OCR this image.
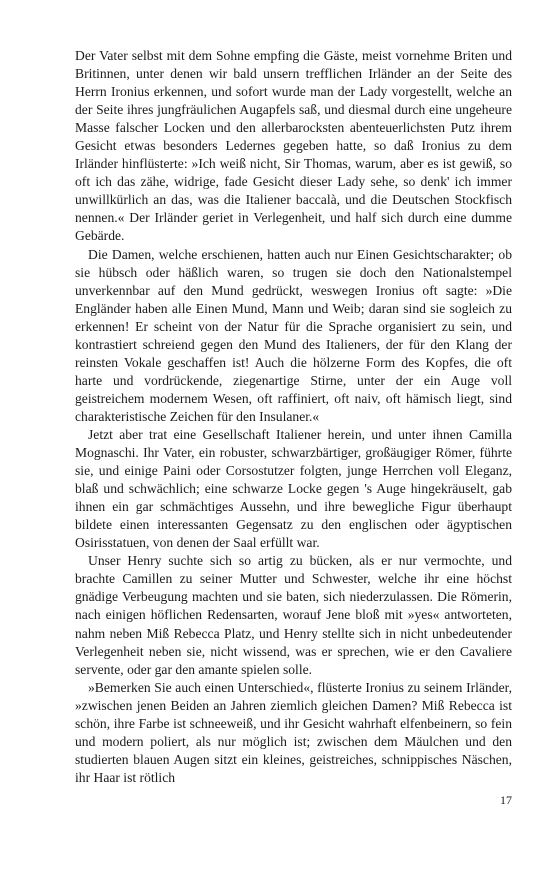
Der Vater selbst mit dem Sohne empfing die Gäste, meist vornehme Briten und Britinnen, unter denen wir bald unsern trefflichen Irländer an der Seite des Herrn Ironius erkennen, und sofort wurde man der Lady vorgestellt, welche an der Seite ihres jungfräulichen Augapfels saß, und diesmal durch eine ungeheure Masse falscher Locken und den allerbarocksten abenteuerlichsten Putz ihrem Gesicht etwas besonders Ledernes gegeben hatte, so daß Ironius zu dem Irländer hinflüsterte: »Ich weiß nicht, Sir Thomas, warum, aber es ist gewiß, so oft ich das zähe, widrige, fade Gesicht dieser Lady sehe, so denk' ich immer unwillkürlich an das, was die Italiener baccalà, und die Deutschen Stockfisch nennen.« Der Irländer geriet in Verlegenheit, und half sich durch eine dumme Gebärde.

Die Damen, welche erschienen, hatten auch nur Einen Gesichtscharakter; ob sie hübsch oder häßlich waren, so trugen sie doch den Nationalstempel unverkennbar auf den Mund gedrückt, weswegen Ironius oft sagte: »Die Engländer haben alle Einen Mund, Mann und Weib; daran sind sie sogleich zu erkennen! Er scheint von der Natur für die Sprache organisiert zu sein, und kontrastiert schreiend gegen den Mund des Italieners, der für den Klang der reinsten Vokale geschaffen ist! Auch die hölzerne Form des Kopfes, die oft harte und vordrückende, ziegenartige Stirne, unter der ein Auge voll geistreichem modernem Wesen, oft raffiniert, oft naiv, oft hämisch liegt, sind charakteristische Zeichen für den Insulaner.«

Jetzt aber trat eine Gesellschaft Italiener herein, und unter ihnen Camilla Mognaschi. Ihr Vater, ein robuster, schwarzbärtiger, großäugiger Römer, führte sie, und einige Paini oder Corsostutzer folgten, junge Herrchen voll Eleganz, blaß und schwächlich; eine schwarze Locke gegen 's Auge hingekräuselt, gab ihnen ein gar schmächtiges Aussehn, und ihre bewegliche Figur überhaupt bildete einen interessanten Gegensatz zu den englischen oder ägyptischen Osirisstatuen, von denen der Saal erfüllt war.

Unser Henry suchte sich so artig zu bücken, als er nur vermochte, und brachte Camillen zu seiner Mutter und Schwester, welche ihr eine höchst gnädige Verbeugung machten und sie baten, sich niederzulassen. Die Römerin, nach einigen höflichen Redensarten, worauf Jene bloß mit »yes« antworteten, nahm neben Miß Rebecca Platz, und Henry stellte sich in nicht unbedeutender Verlegenheit neben sie, nicht wissend, was er sprechen, wie er den Cavaliere servente, oder gar den amante spielen solle.

»Bemerken Sie auch einen Unterschied«, flüsterte Ironius zu seinem Irländer, »zwischen jenen Beiden an Jahren ziemlich gleichen Damen? Miß Rebecca ist schön, ihre Farbe ist schneeweiß, und ihr Gesicht wahrhaft elfenbeinern, so fein und modern poliert, als nur möglich ist; zwischen dem Mäulchen und den studierten blauen Augen sitzt ein kleines, geistreiches, schnippisches Näschen, ihr Haar ist rötlich

17
